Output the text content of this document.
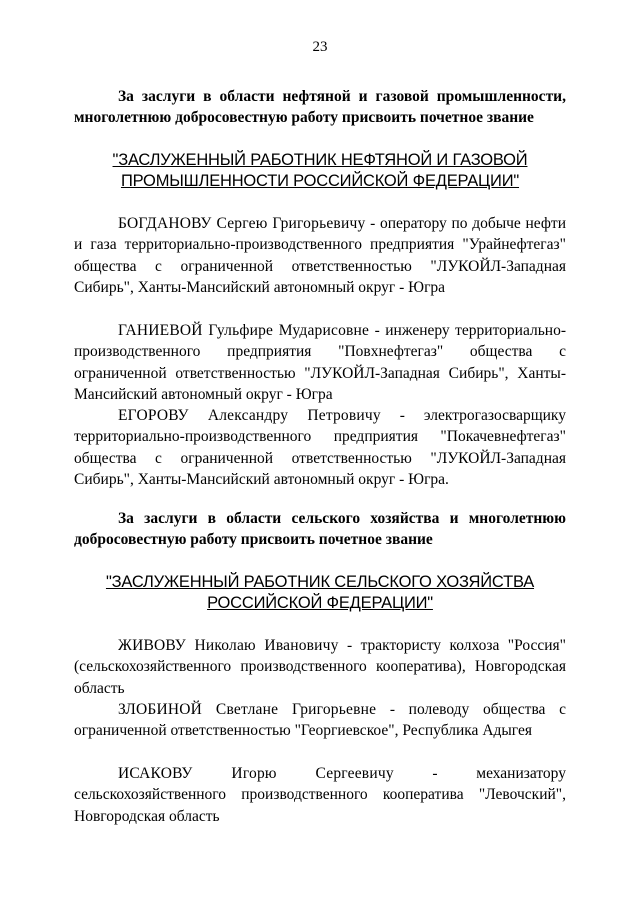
23
За заслуги в области нефтяной и газовой промышленности, многолетнюю добросовестную работу присвоить почетное звание
"ЗАСЛУЖЕННЫЙ РАБОТНИК НЕФТЯНОЙ И ГАЗОВОЙ
ПРОМЫШЛЕННОСТИ РОССИЙСКОЙ ФЕДЕРАЦИИ"
БОГДАНОВУ Сергею Григорьевичу - оператору по добыче нефти и газа территориально-производственного предприятия "Урайнефтегаз" общества с ограниченной ответственностью "ЛУКОЙЛ-Западная Сибирь", Ханты-Мансийский автономный округ - Югра
ГАНИЕВОЙ Гульфире Мударисовне - инженеру территориально-производственного предприятия "Повхнефтегаз" общества с ограниченной ответственностью "ЛУКОЙЛ-Западная Сибирь", Ханты-Мансийский автономный округ - Югра
ЕГОРОВУ Александру Петровичу - электрогазосварщику территориально-производственного предприятия "Покачевнефтегаз" общества с ограниченной ответственностью "ЛУКОЙЛ-Западная Сибирь", Ханты-Мансийский автономный округ - Югра.
За заслуги в области сельского хозяйства и многолетнюю добросовестную работу присвоить почетное звание
"ЗАСЛУЖЕННЫЙ РАБОТНИК СЕЛЬСКОГО ХОЗЯЙСТВА
РОССИЙСКОЙ ФЕДЕРАЦИИ"
ЖИВОВУ Николаю Ивановичу - трактористу колхоза "Россия" (сельскохозяйственного производственного кооператива), Новгородская область
ЗЛОБИНОЙ Светлане Григорьевне - полеводу общества с ограниченной ответственностью "Георгиевское", Республика Адыгея
ИСАКОВУ Игорю Сергеевичу - механизатору сельскохозяйственного производственного кооператива "Левочский", Новгородская область
